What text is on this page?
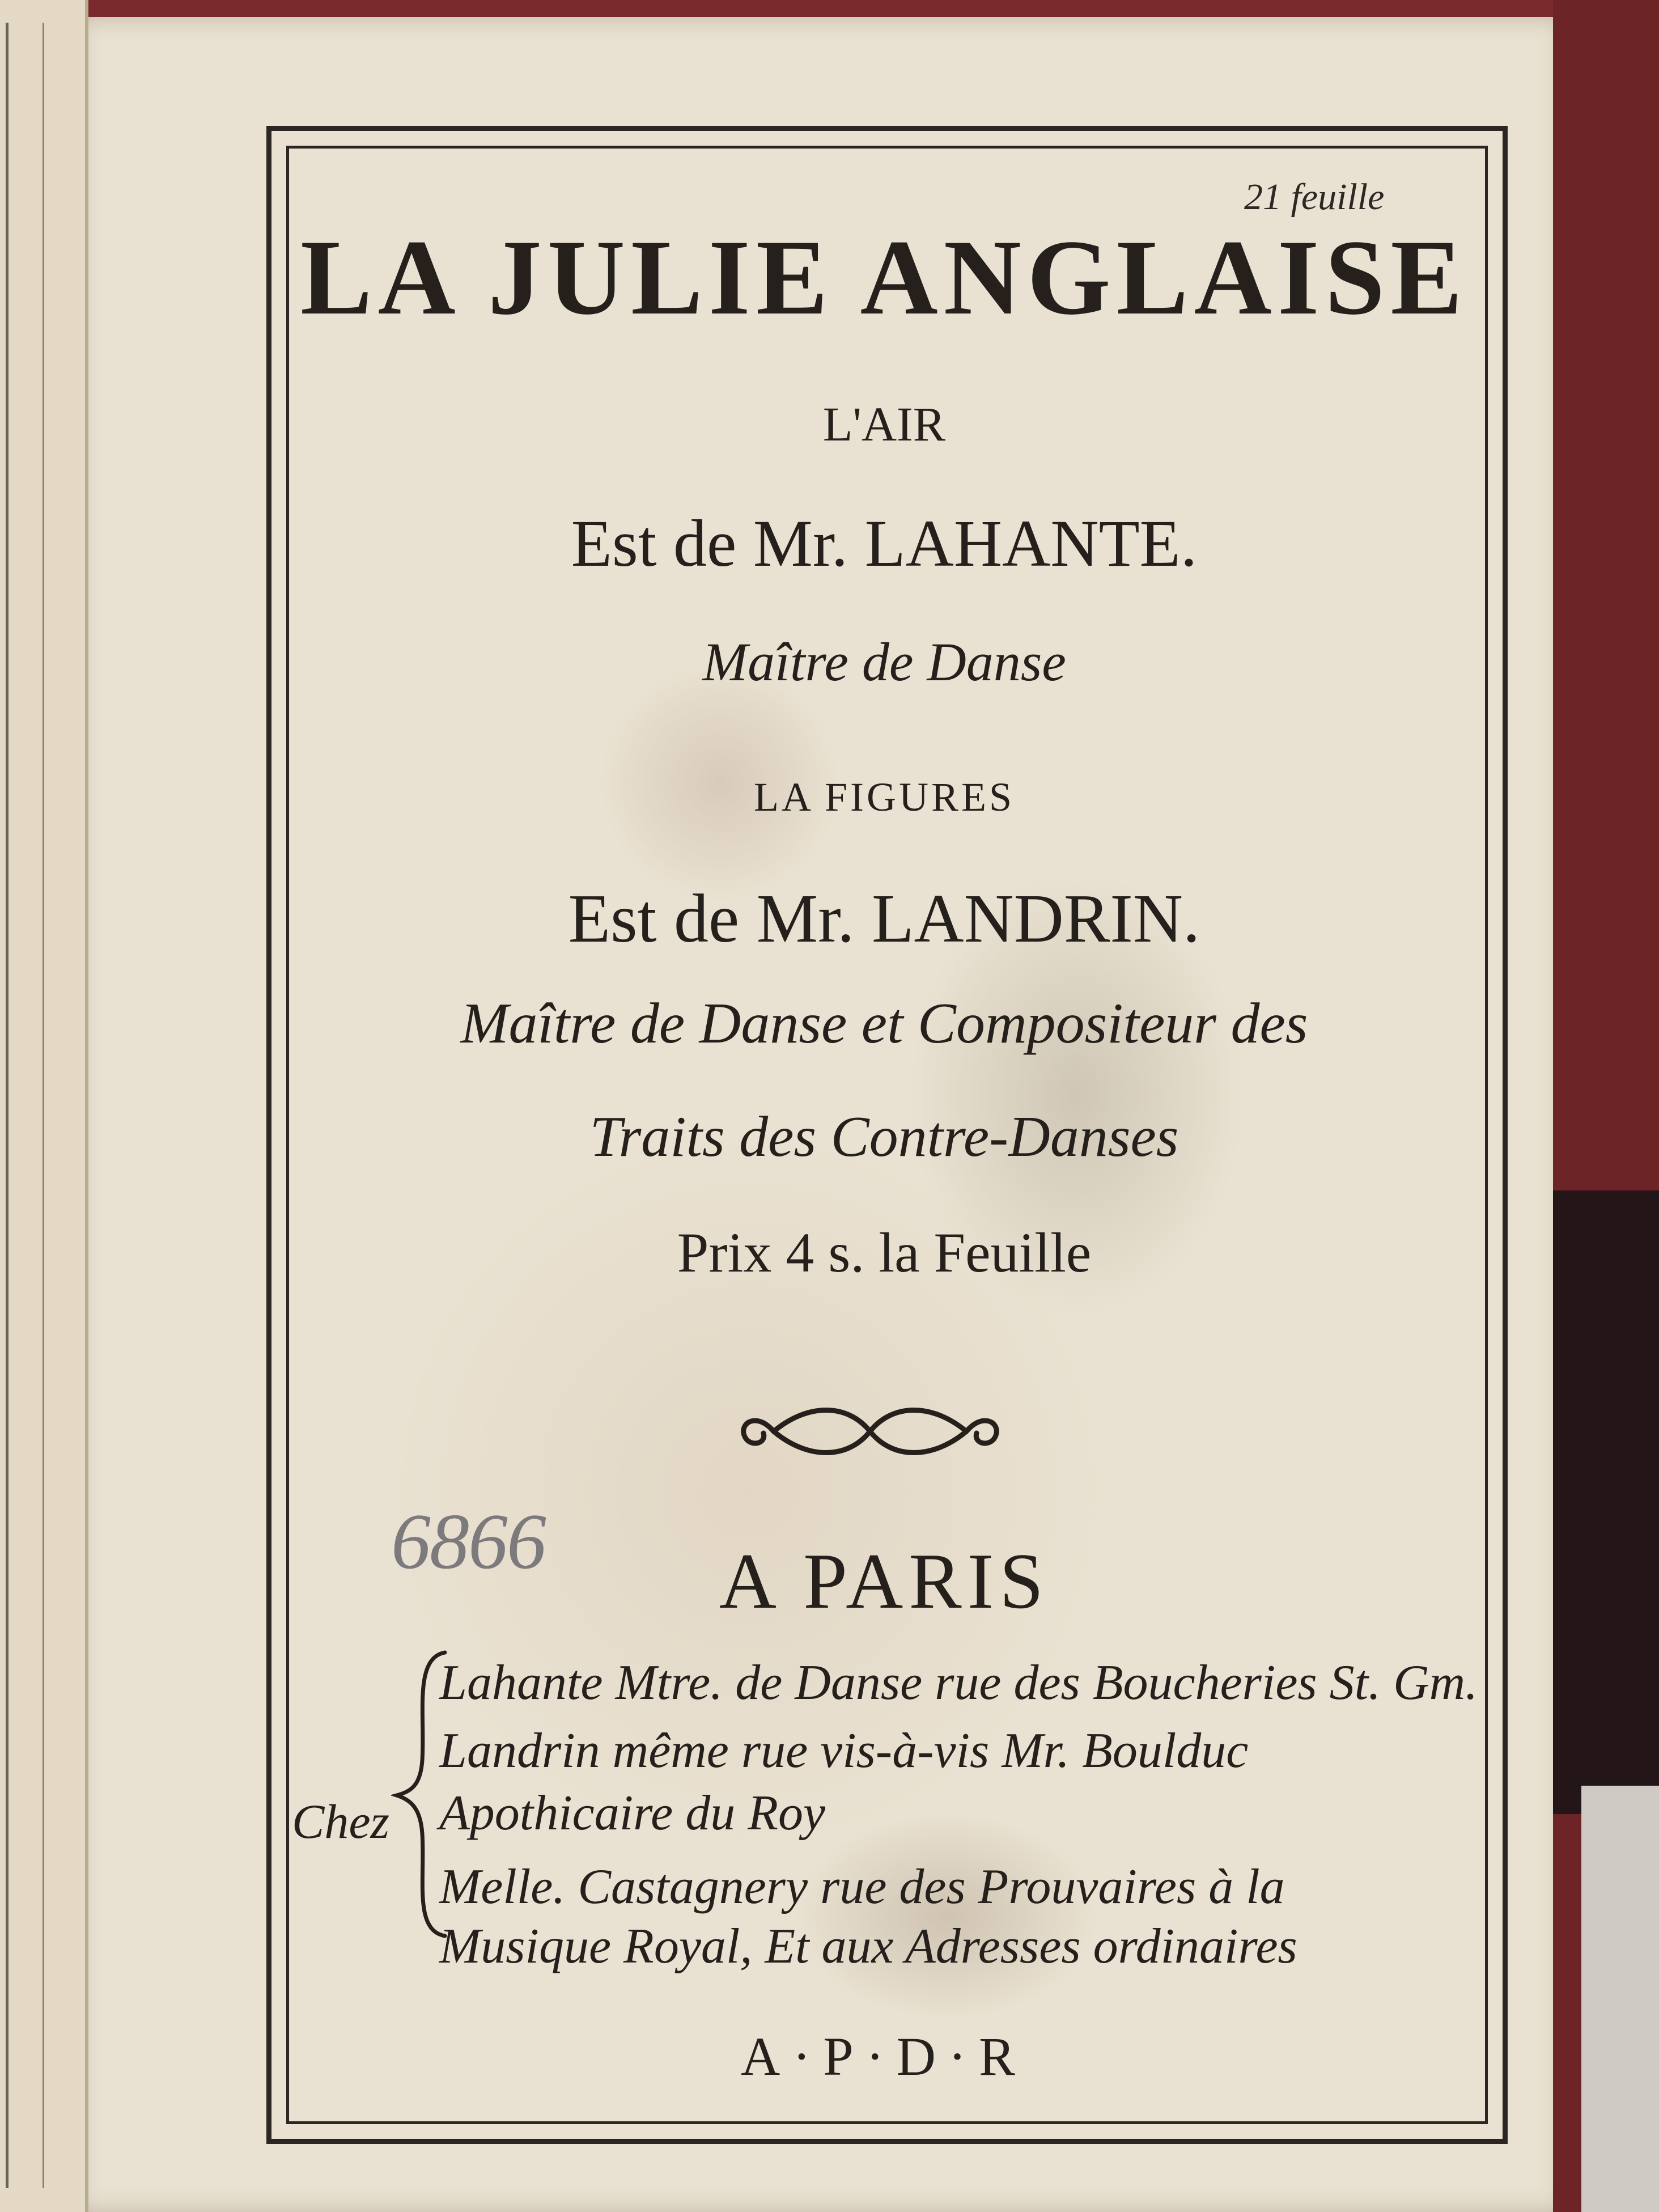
21 feuille

LA JULIE ANGLAISE

L'AIR

Est de Mr. LAHANTE.

Maître de Danse

LA FIGURES

Est de Mr. LANDRIN.

Maître de Danse et Compositeur des

Traits des Contre-Danses

Prix 4 s. la Feuille

6866	A PARIS

Chez

Lahante Mtre. de Danse rue des Boucheries St. Gm.

Landrin même rue vis-à-vis Mr. Boulduc

Apothicaire du Roy

Melle. Castagnery rue des Prouvaires à la

Musique Royal, Et aux Adresses ordinaires

A·P·D·R
